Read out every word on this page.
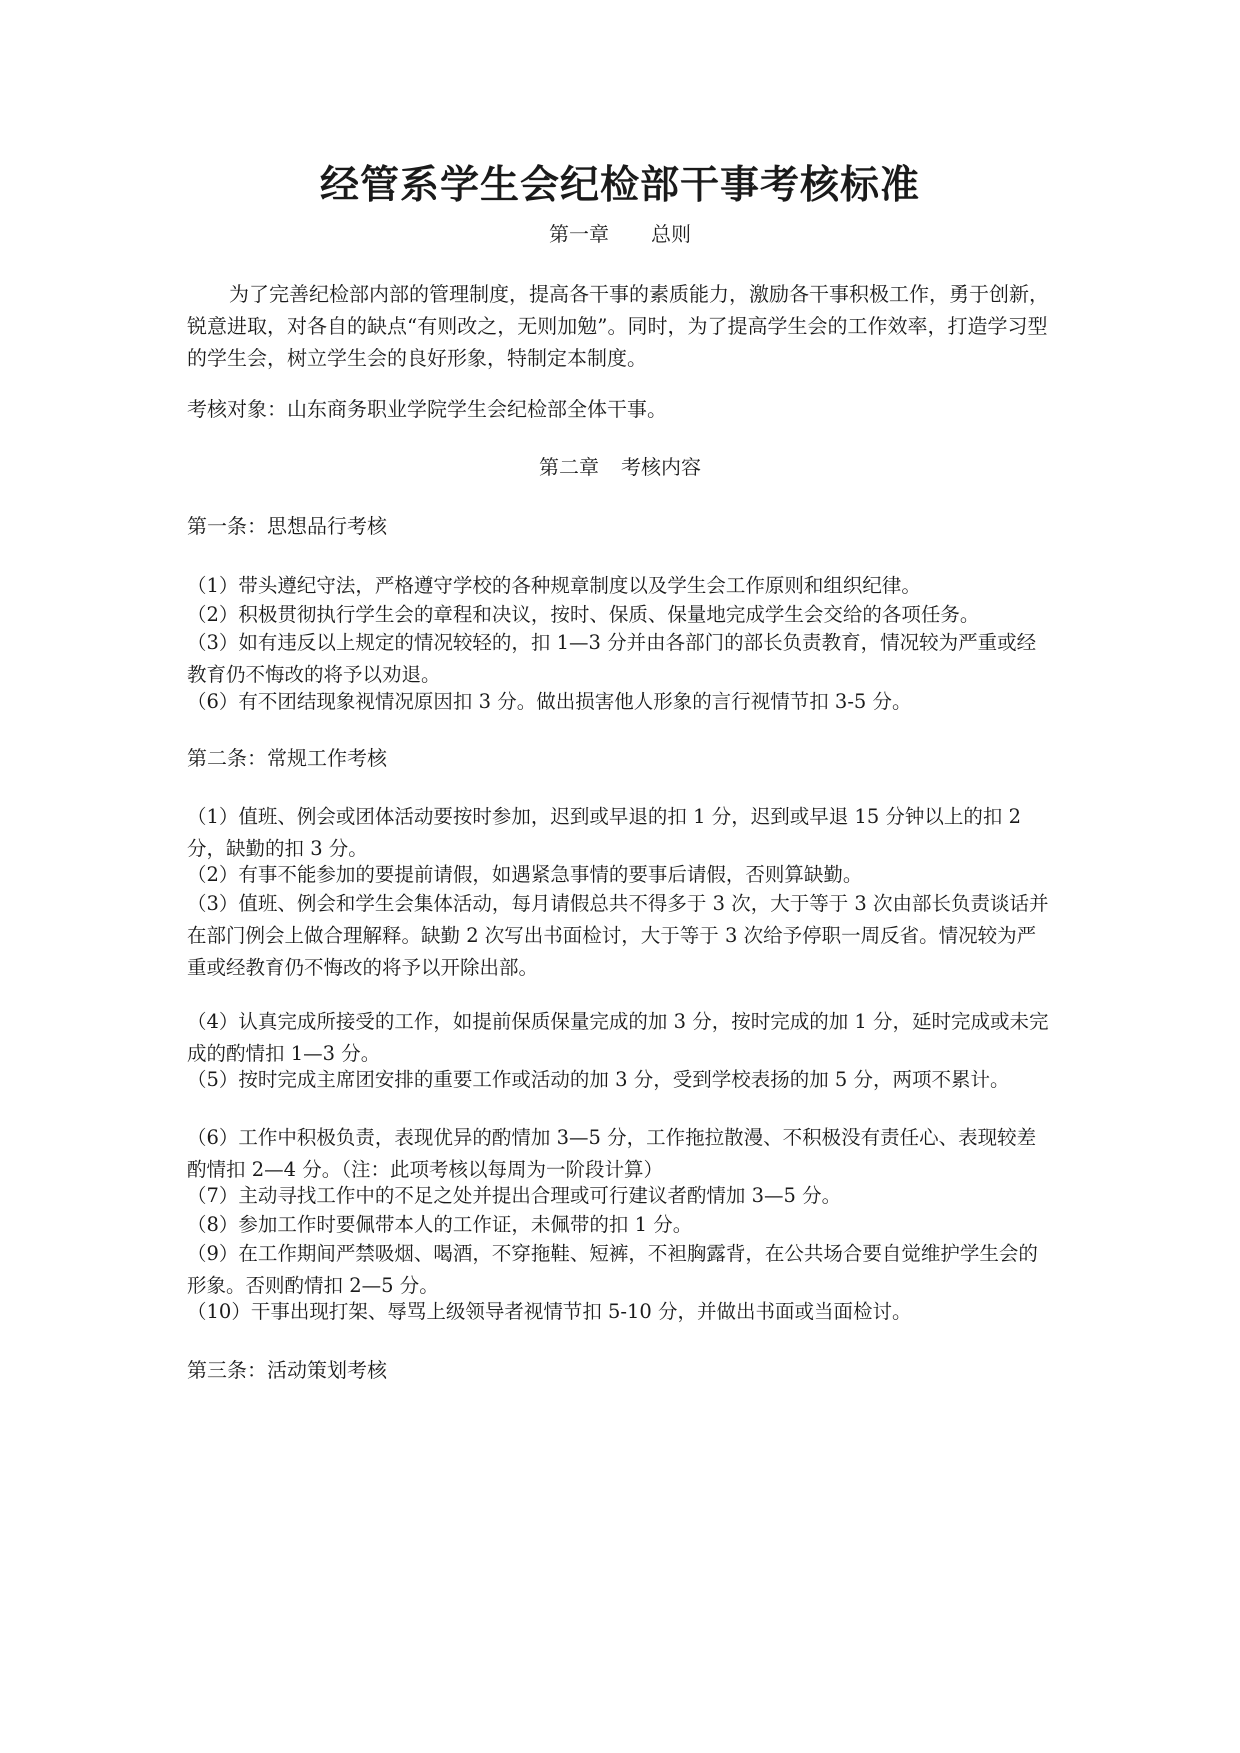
经管系学生会纪检部干事考核标准

第一章 总则

为了完善纪检部内部的管理制度，提高各干事的素质能力，激励各干事积极工作，勇于创新，锐意进取，对各自的缺点“有则改之，无则加勉”。同时，为了提高学生会的工作效率，打造学习型的学生会，树立学生会的良好形象，特制定本制度。

考核对象：山东商务职业学院学生会纪检部全体干事。

第二章 考核内容

第一条：思想品行考核

（1）带头遵纪守法，严格遵守学校的各种规章制度以及学生会工作原则和组织纪律。

（2）积极贯彻执行学生会的章程和决议，按时、保质、保量地完成学生会交给的各项任务。

（3）如有违反以上规定的情况较轻的，扣 1—3 分并由各部门的部长负责教育，情况较为严重或经教育仍不悔改的将予以劝退。

（6）有不团结现象视情况原因扣 3 分。做出损害他人形象的言行视情节扣 3-5 分。

第二条：常规工作考核

（1）值班、例会或团体活动要按时参加，迟到或早退的扣 1 分，迟到或早退 15 分钟以上的扣 2 分，缺勤的扣 3 分。

（2）有事不能参加的要提前请假，如遇紧急事情的要事后请假，否则算缺勤。

（3）值班、例会和学生会集体活动，每月请假总共不得多于 3 次，大于等于 3 次由部长负责谈话并在部门例会上做合理解释。缺勤 2 次写出书面检讨，大于等于 3 次给予停职一周反省。情况较为严重或经教育仍不悔改的将予以开除出部。

（4）认真完成所接受的工作，如提前保质保量完成的加 3 分，按时完成的加 1 分，延时完成或未完成的酌情扣 1—3 分。

（5）按时完成主席团安排的重要工作或活动的加 3 分，受到学校表扬的加 5 分，两项不累计。

（6）工作中积极负责，表现优异的酌情加 3—5 分，工作拖拉散漫、不积极没有责任心、表现较差酌情扣 2—4 分。（注：此项考核以每周为一阶段计算）

（7）主动寻找工作中的不足之处并提出合理或可行建议者酌情加 3—5 分。

（8）参加工作时要佩带本人的工作证，未佩带的扣 1 分。

（9）在工作期间严禁吸烟、喝酒，不穿拖鞋、短裤，不袒胸露背，在公共场合要自觉维护学生会的形象。否则酌情扣 2—5 分。

（10）干事出现打架、辱骂上级领导者视情节扣 5-10 分，并做出书面或当面检讨。

第三条：活动策划考核
